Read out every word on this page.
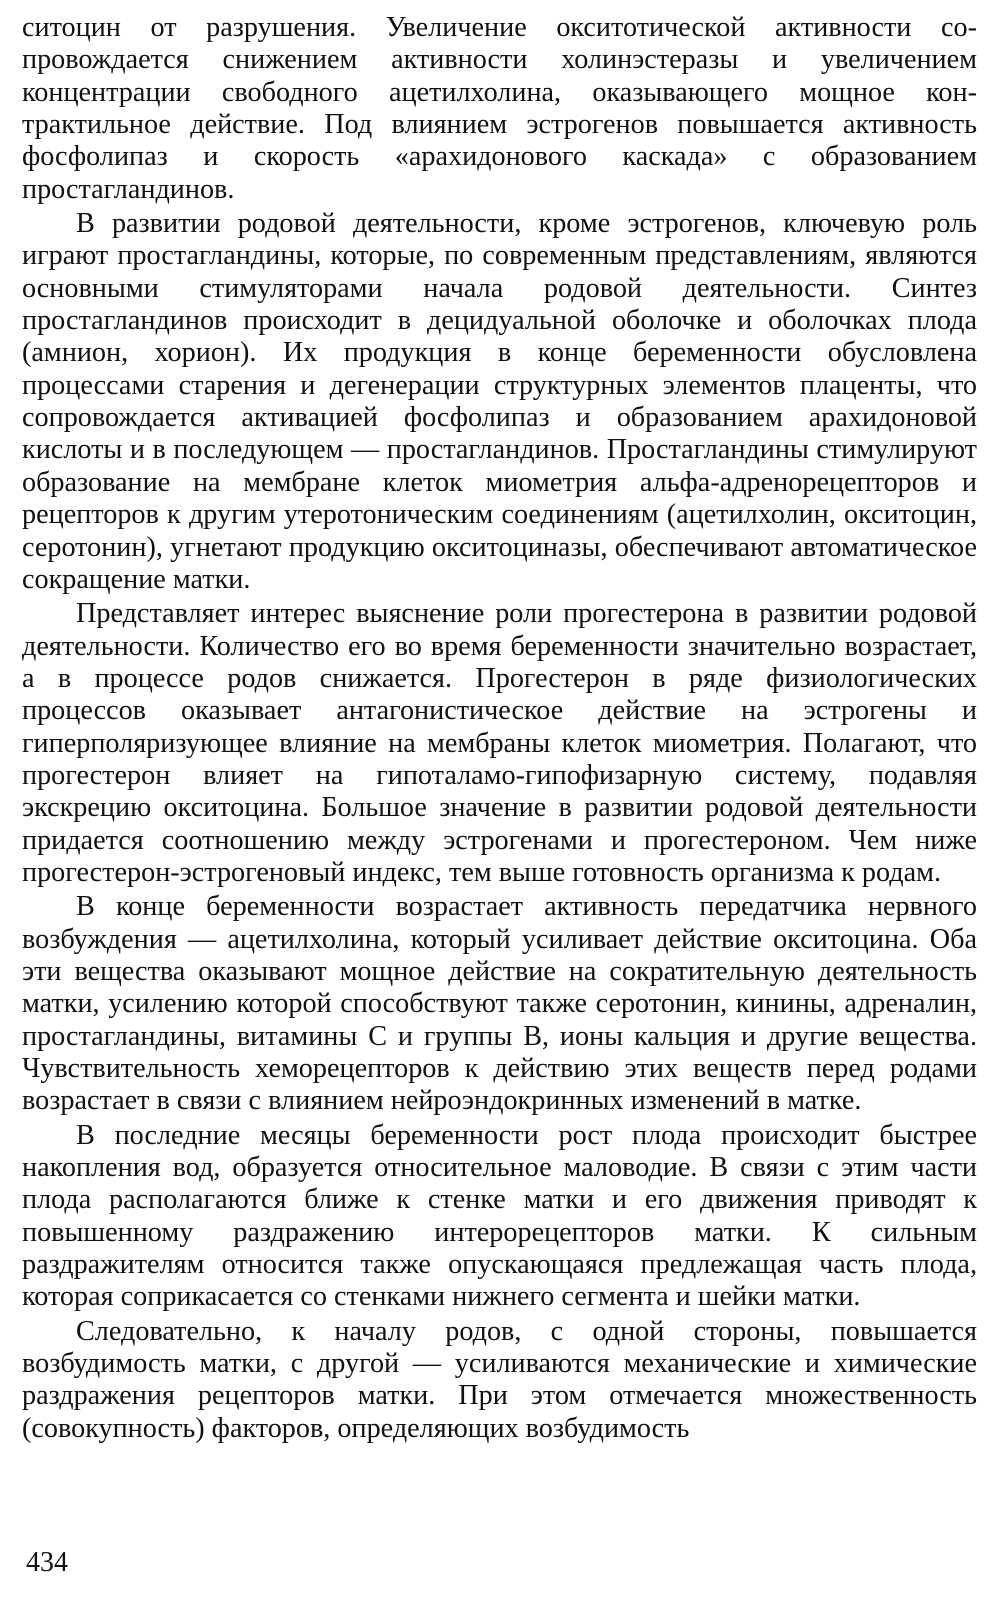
ситоцин от разрушения. Увеличение окситотической активности сопровождается снижением активности холинэстеразы и увеличением концентрации свободного ацетилхолина, оказывающего мощное контрактильное действие. Под влиянием эстрогенов повышается активность фосфолипаз и скорость «арахидонового каскада» с образованием простагландинов.

В развитии родовой деятельности, кроме эстрогенов, ключевую роль играют простагландины, которые, по современным представлениям, являются основными стимуляторами начала родовой деятельности. Синтез простагландинов происходит в децидуальной оболочке и оболочках плода (амнион, хорион). Их продукция в конце беременности обусловлена процессами старения и дегенерации структурных элементов плаценты, что сопровождается активацией фосфолипаз и образованием арахидоновой кислоты и в последующем — простагландинов. Простагландины стимулируют образование на мембране клеток миометрия альфа-адренорецепторов и рецепторов к другим утеротоническим соединениям (ацетилхолин, окситоцин, серотонин), угнетают продукцию окситоциназы, обеспечивают автоматическое сокращение матки.

Представляет интерес выяснение роли прогестерона в развитии родовой деятельности. Количество его во время беременности значительно возрастает, а в процессе родов снижается. Прогестерон в ряде физиологических процессов оказывает антагонистическое действие на эстрогены и гиперполяризующее влияние на мембраны клеток миометрия. Полагают, что прогестерон влияет на гипоталамо-гипофизарную систему, подавляя экскрецию окситоцина. Большое значение в развитии родовой деятельности придается соотношению между эстрогенами и прогестероном. Чем ниже прогестерон-эстрогеновый индекс, тем выше готовность организма к родам.

В конце беременности возрастает активность передатчика нервного возбуждения — ацетилхолина, который усиливает действие окситоцина. Оба эти вещества оказывают мощное действие на сократительную деятельность матки, усилению которой способствуют также серотонин, кинины, адреналин, простагландины, витамины С и группы В, ионы кальция и другие вещества. Чувствительность хеморецепторов к действию этих веществ перед родами возрастает в связи с влиянием нейроэндокринных изменений в матке.

В последние месяцы беременности рост плода происходит быстрее накопления вод, образуется относительное маловодие. В связи с этим части плода располагаются ближе к стенке матки и его движения приводят к повышенному раздражению интерорецепторов матки. К сильным раздражителям относится также опускающаяся предлежащая часть плода, которая соприкасается со стенками нижнего сегмента и шейки матки.

Следовательно, к началу родов, с одной стороны, повышается возбудимость матки, с другой — усиливаются механические и химические раздражения рецепторов матки. При этом отмечается множественность (совокупность) факторов, определяющих возбудимость

434
